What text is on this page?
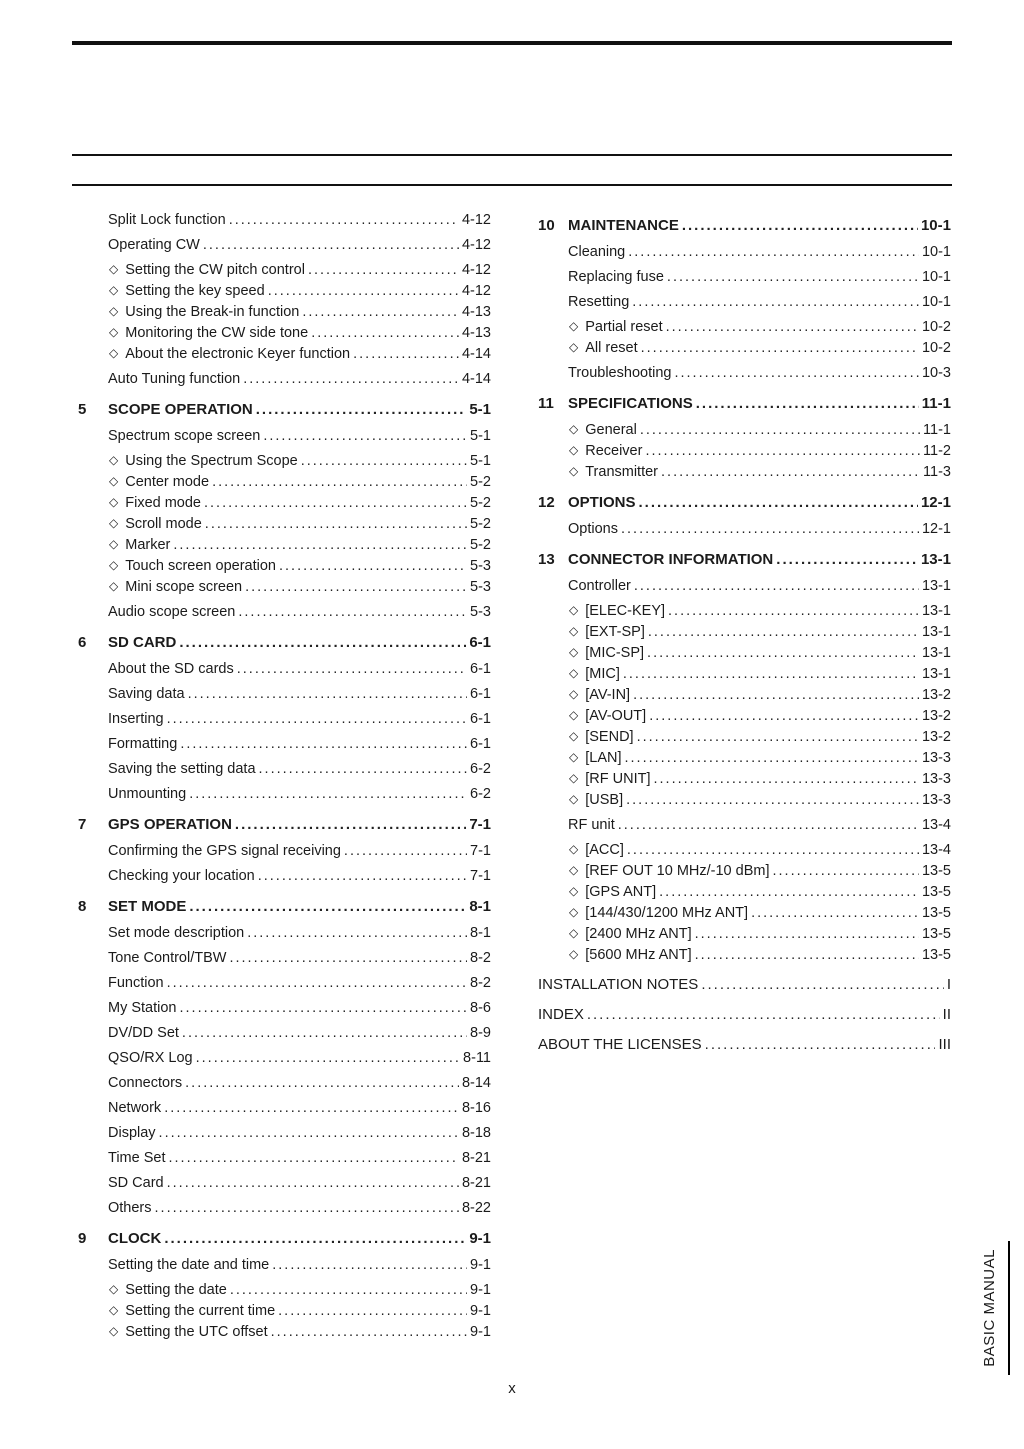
Split Lock function .....	4-12
Operating CW .....	4-12
◇ Setting the CW pitch control .....	4-12
◇ Setting the key speed .....	4-12
◇ Using the Break-in function .....	4-13
◇ Monitoring the CW side tone .....	4-13
◇ About the electronic Keyer function .....	4-14
Auto Tuning function .....	4-14
5	SCOPE OPERATION .....	5-1
Spectrum scope screen .....	5-1
◇ Using the Spectrum Scope .....	5-1
◇ Center mode .....	5-2
◇ Fixed mode .....	5-2
◇ Scroll mode .....	5-2
◇ Marker .....	5-2
◇ Touch screen operation .....	5-3
◇ Mini scope screen .....	5-3
Audio scope screen .....	5-3
6	SD CARD .....	6-1
About the SD cards .....	6-1
Saving data .....	6-1
Inserting .....	6-1
Formatting .....	6-1
Saving the setting data .....	6-2
Unmounting .....	6-2
7	GPS OPERATION .....	7-1
Confirming the GPS signal receiving .....	7-1
Checking your location .....	7-1
8	SET MODE .....	8-1
Set mode description .....	8-1
Tone Control/TBW .....	8-2
Function .....	8-2
My Station .....	8-6
DV/DD Set .....	8-9
QSO/RX Log .....	8-11
Connectors .....	8-14
Network .....	8-16
Display .....	8-18
Time Set .....	8-21
SD Card .....	8-21
Others .....	8-22
9	CLOCK .....	9-1
Setting the date and time .....	9-1
◇ Setting the date .....	9-1
◇ Setting the current time .....	9-1
◇ Setting the UTC offset .....	9-1
10 MAINTENANCE .....	10-1
Cleaning .....	10-1
Replacing fuse .....	10-1
Resetting .....	10-1
◇ Partial reset .....	10-2
◇ All reset .....	10-2
Troubleshooting .....	10-3
11 SPECIFICATIONS .....	11-1
◇ General .....	11-1
◇ Receiver .....	11-2
◇ Transmitter .....	11-3
12 OPTIONS .....	12-1
Options .....	12-1
13 CONNECTOR INFORMATION .....	13-1
Controller .....	13-1
◇ [ELEC-KEY] .....	13-1
◇ [EXT-SP] .....	13-1
◇ [MIC-SP] .....	13-1
◇ [MIC] .....	13-1
◇ [AV-IN] .....	13-2
◇ [AV-OUT] .....	13-2
◇ [SEND] .....	13-2
◇ [LAN] .....	13-3
◇ [RF UNIT] .....	13-3
◇ [USB] .....	13-3
RF unit .....	13-4
◇ [ACC] .....	13-4
◇ [REF OUT 10 MHz/-10 dBm] .....	13-5
◇ [GPS ANT] .....	13-5
◇ [144/430/1200 MHz ANT] .....	13-5
◇ [2400 MHz ANT] .....	13-5
◇ [5600 MHz ANT] .....	13-5
INSTALLATION NOTES .....	I
INDEX .....	II
ABOUT THE LICENSES .....	III
x
BASIC MANUAL
